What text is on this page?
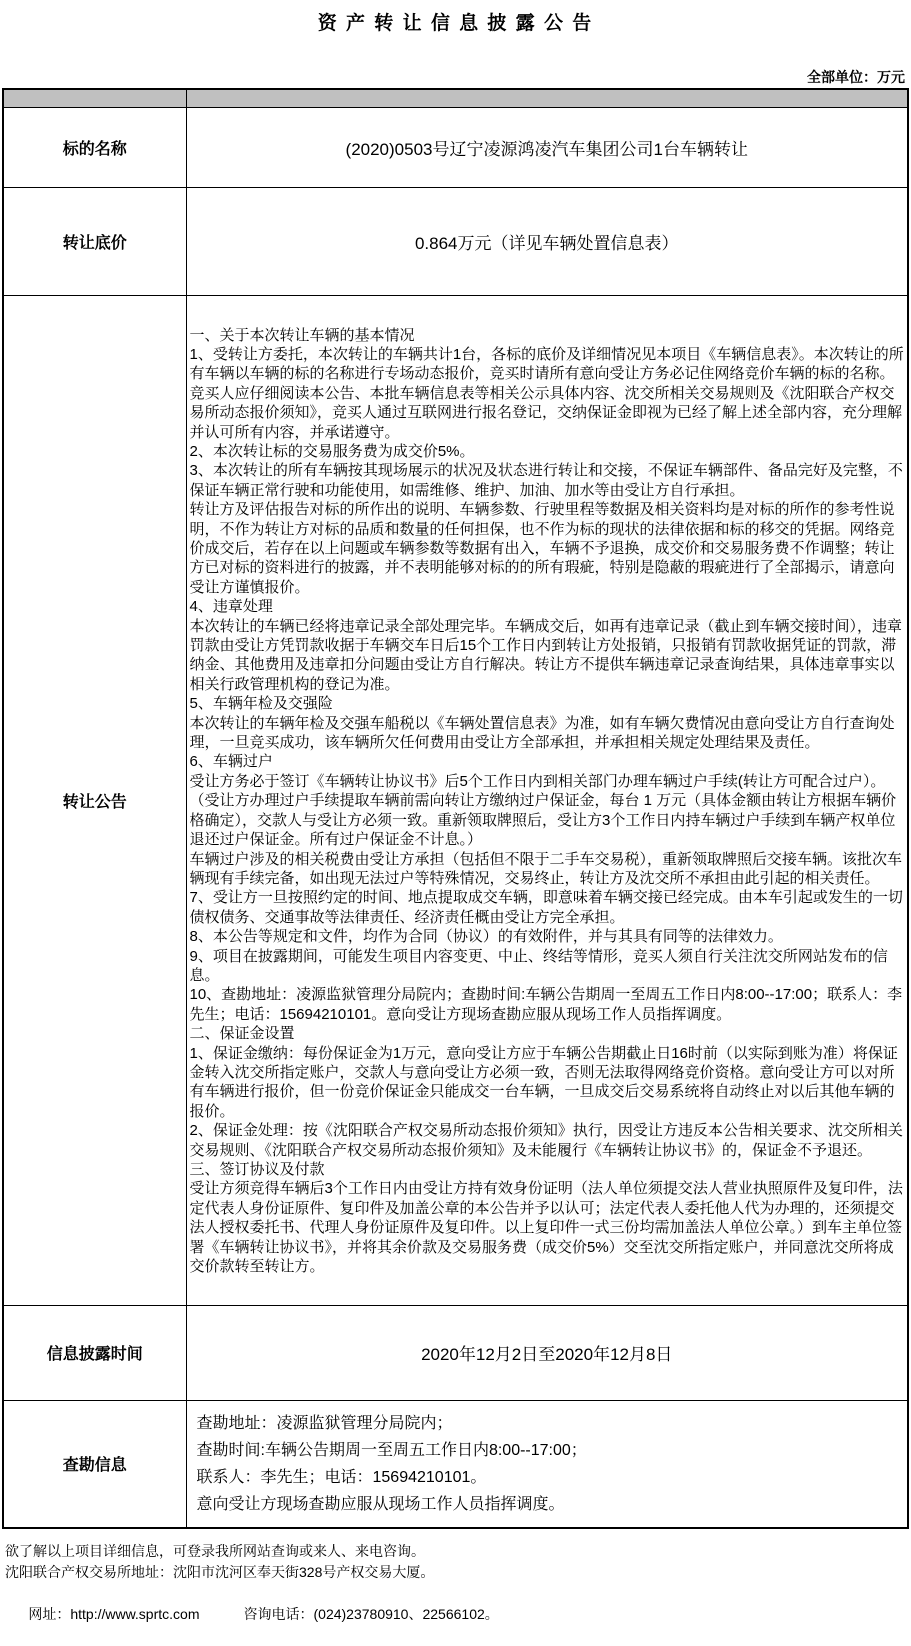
资 产 转 让 信 息 披 露 公 告
全部单位：万元

标的名称	(2020)0503号辽宁凌源鸿凌汽车集团公司1台车辆转让
转让底价	0.864万元（详见车辆处置信息表）
转让公告	
一、关于本次转让车辆的基本情况
1、受转让方委托，本次转让的车辆共计1台，各标的底价及详细情况见本项目《车辆信息表》。本次转让的所有车辆以车辆的标的名称进行专场动态报价，竞买时请所有意向受让方务必记住网络竞价车辆的标的名称。竞买人应仔细阅读本公告、本批车辆信息表等相关公示具体内容、沈交所相关交易规则及《沈阳联合产权交易所动态报价须知》，竞买人通过互联网进行报名登记，交纳保证金即视为已经了解上述全部内容，充分理解并认可所有内容，并承诺遵守。
2、本次转让标的交易服务费为成交价5%。
3、本次转让的所有车辆按其现场展示的状况及状态进行转让和交接，不保证车辆部件、备品完好及完整，不保证车辆正常行驶和功能使用，如需维修、维护、加油、加水等由受让方自行承担。
转让方及评估报告对标的所作出的说明、车辆参数、行驶里程等数据及相关资料均是对标的所作的参考性说明，不作为转让方对标的品质和数量的任何担保，也不作为标的现状的法律依据和标的移交的凭据。网络竞价成交后，若存在以上问题或车辆参数等数据有出入，车辆不予退换，成交价和交易服务费不作调整；转让方已对标的资料进行的披露，并不表明能够对标的的所有瑕疵，特别是隐蔽的瑕疵进行了全部揭示，请意向受让方谨慎报价。
4、违章处理
本次转让的车辆已经将违章记录全部处理完毕。车辆成交后，如再有违章记录（截止到车辆交接时间），违章罚款由受让方凭罚款收据于车辆交车日后15个工作日内到转让方处报销，只报销有罚款收据凭证的罚款，滞纳金、其他费用及违章扣分问题由受让方自行解决。转让方不提供车辆违章记录查询结果，具体违章事实以相关行政管理机构的登记为准。
5、车辆年检及交强险
本次转让的车辆年检及交强车船税以《车辆处置信息表》为准，如有车辆欠费情况由意向受让方自行查询处理，一旦竞买成功，该车辆所欠任何费用由受让方全部承担，并承担相关规定处理结果及责任。
6、车辆过户
受让方务必于签订《车辆转让协议书》后5个工作日内到相关部门办理车辆过户手续(转让方可配合过户）。（受让方办理过户手续提取车辆前需向转让方缴纳过户保证金，每台 1 万元（具体金额由转让方根据车辆价格确定），交款人与受让方必须一致。重新领取牌照后，受让方3个工作日内持车辆过户手续到车辆产权单位退还过户保证金。所有过户保证金不计息。）
车辆过户涉及的相关税费由受让方承担（包括但不限于二手车交易税），重新领取牌照后交接车辆。该批次车辆现有手续完备，如出现无法过户等特殊情况，交易终止，转让方及沈交所不承担由此引起的相关责任。
7、受让方一旦按照约定的时间、地点提取成交车辆，即意味着车辆交接已经完成。由本车引起或发生的一切债权债务、交通事故等法律责任、经济责任概由受让方完全承担。
8、本公告等规定和文件，均作为合同（协议）的有效附件，并与其具有同等的法律效力。
9、项目在披露期间，可能发生项目内容变更、中止、终结等情形，竞买人须自行关注沈交所网站发布的信息。
10、查勘地址：凌源监狱管理分局院内；查勘时间:车辆公告期周一至周五工作日内8:00--17:00；联系人：李先生；电话：15694210101。意向受让方现场查勘应服从现场工作人员指挥调度。
二、保证金设置
1、保证金缴纳：每份保证金为1万元，意向受让方应于车辆公告期截止日16时前（以实际到账为准）将保证金转入沈交所指定账户，交款人与意向受让方必须一致，否则无法取得网络竞价资格。意向受让方可以对所有车辆进行报价，但一份竞价保证金只能成交一台车辆，一旦成交后交易系统将自动终止对以后其他车辆的报价。
2、保证金处理：按《沈阳联合产权交易所动态报价须知》执行，因受让方违反本公告相关要求、沈交所相关交易规则、《沈阳联合产权交易所动态报价须知》及未能履行《车辆转让协议书》的，保证金不予退还。
三、签订协议及付款
受让方须竞得车辆后3个工作日内由受让方持有效身份证明（法人单位须提交法人营业执照原件及复印件，法定代表人身份证原件、复印件及加盖公章的本公告并予以认可；法定代表人委托他人代为办理的，还须提交法人授权委托书、代理人身份证原件及复印件。以上复印件一式三份均需加盖法人单位公章。）到车主单位签署《车辆转让协议书》，并将其余价款及交易服务费（成交价5%）交至沈交所指定账户，并同意沈交所将成交价款转至转让方。

信息披露时间	2020年12月2日至2020年12月8日
查勘信息	查勘地址：凌源监狱管理分局院内；
查勘时间:车辆公告期周一至周五工作日内8:00--17:00；
联系人：李先生；电话：15694210101。
意向受让方现场查勘应服从现场工作人员指挥调度。
欲了解以上项目详细信息，可登录我所网站查询或来人、来电咨询。
沈阳联合产权交易所地址：沈阳市沈河区奉天街328号产权交易大厦。

网址：http://www.sprtc.com	咨询电话：(024)23780910、22566102。
